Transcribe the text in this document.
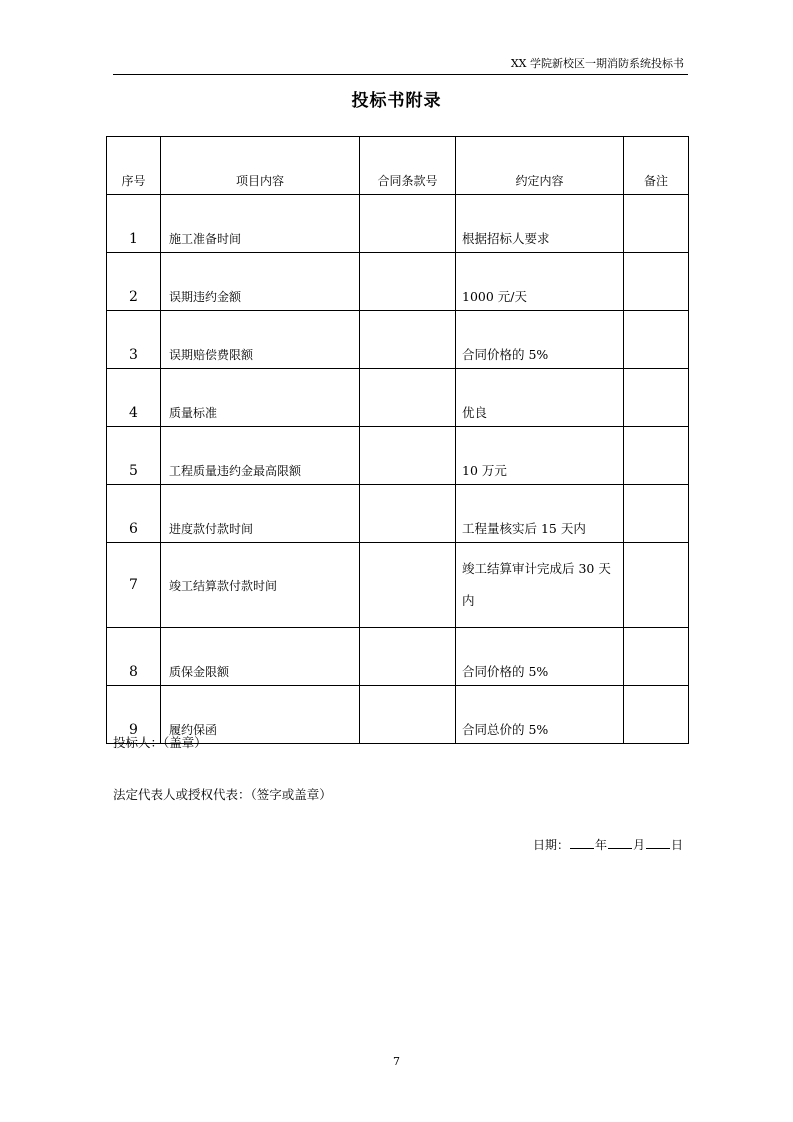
XX 学院新校区一期消防系统投标书
投标书附录
序号	项目内容	合同条款号	约定内容	备注
1	施工准备时间		根据招标人要求	
2	误期违约金额		1000 元/天	
3	误期赔偿费限额		合同价格的 5%	
4	质量标准		优良	
5	工程质量违约金最高限额		10 万元	
6	进度款付款时间		工程量核实后 15 天内	
7	竣工结算款付款时间		竣工结算审计完成后 30 天内	
8	质保金限额		合同价格的 5%	
9	履约保函		合同总价的 5%	
投标人：（盖章）
法定代表人或授权代表：（签字或盖章）
日期： 年 月 日
7
